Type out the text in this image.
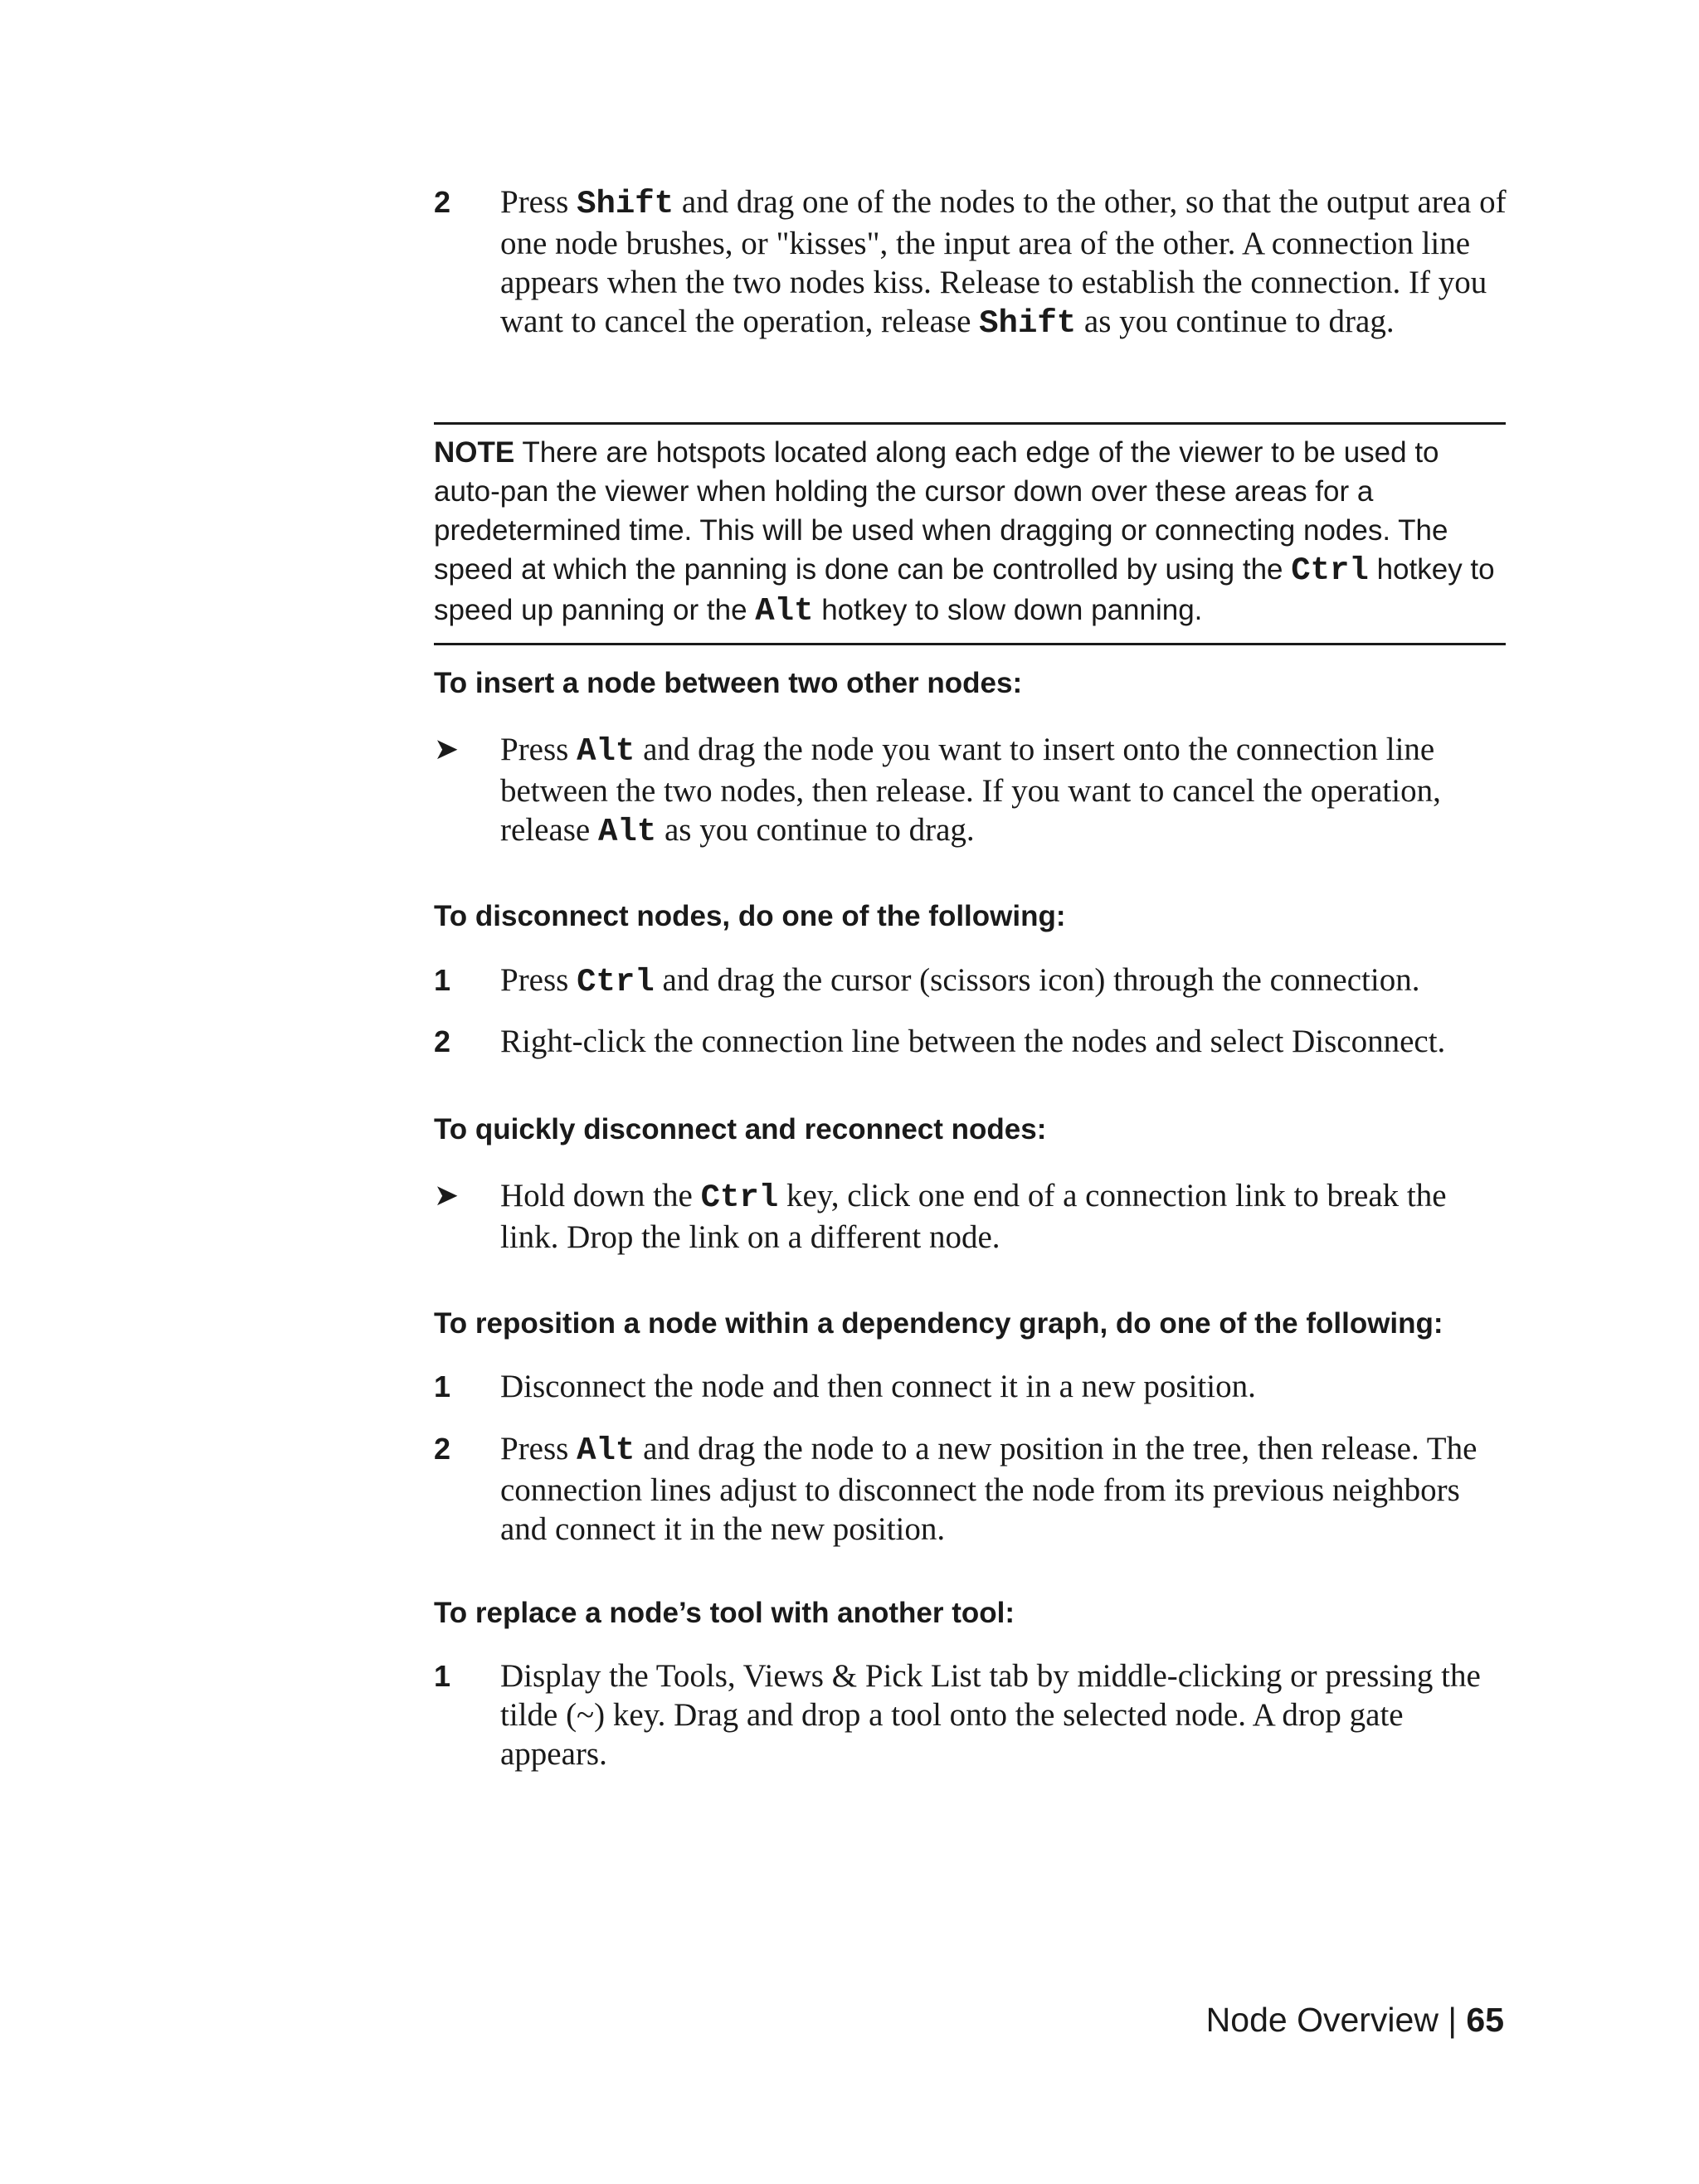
2	Press Shift and drag one of the nodes to the other, so that the output area of one node brushes, or "kisses", the input area of the other. A connection line appears when the two nodes kiss. Release to establish the connection. If you want to cancel the operation, release Shift as you continue to drag.
NOTE There are hotspots located along each edge of the viewer to be used to auto-pan the viewer when holding the cursor down over these areas for a predetermined time. This will be used when dragging or connecting nodes. The speed at which the panning is done can be controlled by using the Ctrl hotkey to speed up panning or the Alt hotkey to slow down panning.
To insert a node between two other nodes:
➤ Press Alt and drag the node you want to insert onto the connection line between the two nodes, then release. If you want to cancel the operation, release Alt as you continue to drag.
To disconnect nodes, do one of the following:
1	Press Ctrl and drag the cursor (scissors icon) through the connection.
2	Right-click the connection line between the nodes and select Disconnect.
To quickly disconnect and reconnect nodes:
➤ Hold down the Ctrl key, click one end of a connection link to break the link. Drop the link on a different node.
To reposition a node within a dependency graph, do one of the following:
1	Disconnect the node and then connect it in a new position.
2	Press Alt and drag the node to a new position in the tree, then release. The connection lines adjust to disconnect the node from its previous neighbors and connect it in the new position.
To replace a node’s tool with another tool:
1	Display the Tools, Views & Pick List tab by middle-clicking or pressing the tilde (~) key. Drag and drop a tool onto the selected node. A drop gate appears.
Node Overview | 65
